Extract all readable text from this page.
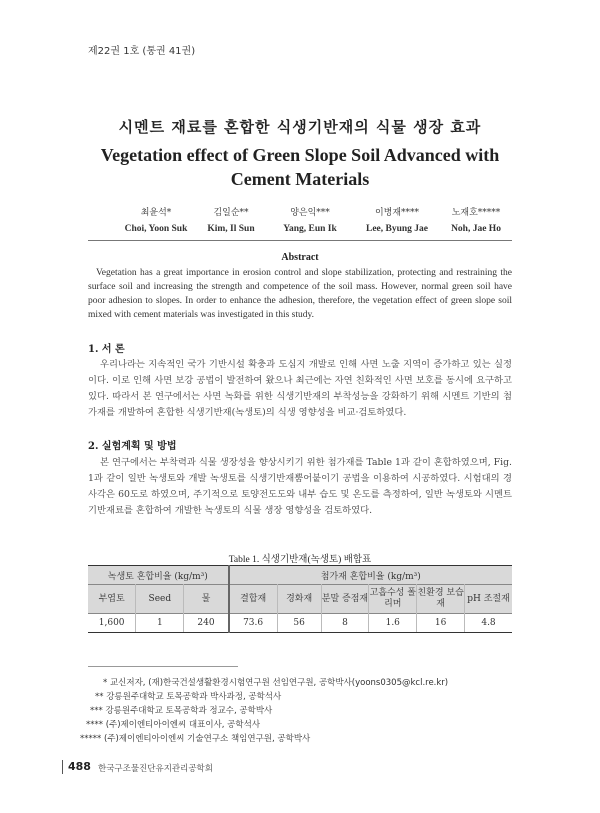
제22권 1호 (통권 41권)
시멘트 재료를 혼합한 식생기반재의 식물 생장 효과
Vegetation effect of Green Slope Soil Advanced with Cement Materials
최윤석*
Choi, Yoon Suk
김일순**
Kim, Il Sun
양은익***
Yang, Eun Ik
이병재****
Lee, Byung Jae
노재호*****
Noh, Jae Ho
Abstract
Vegetation has a great importance in erosion control and slope stabilization, protecting and restraining the surface soil and increasing the strength and competence of the soil mass. However, normal green soil have poor adhesion to slopes. In order to enhance the adhesion, therefore, the vegetation effect of green slope soil mixed with cement materials was investigated in this study.
1. 서 론
우리나라는 지속적인 국가 기반시설 확충과 도심지 개발로 인해 사면 노출 지역이 증가하고 있는 실정이다. 이로 인해 사면 보강 공법이 발전하여 왔으나 최근에는 자연 친화적인 사면 보호를 동시에 요구하고 있다. 따라서 본 연구에서는 사면 녹화를 위한 식생기반재의 부착성능을 강화하기 위해 시멘트 기반의 첨가재를 개발하여 혼합한 식생기반재(녹생토)의 식생 영향성을 비교·검토하였다.
2. 실험계획 및 방법
본 연구에서는 부착력과 식물 생장성을 향상시키기 위한 첨가재를 Table 1과 같이 혼합하였으며, Fig. 1과 같이 일반 녹생토와 개발 녹생토를 식생기반재뿜어붙이기 공법을 이용하여 시공하였다. 시험대의 경사각은 60도로 하였으며, 주기적으로 토양전도도와 내부 습도 및 온도를 측정하여, 일반 녹생토와 시멘트 기반재료를 혼합하여 개발한 녹생토의 식물 생장 영향성을 검토하였다.
Table 1. 식생기반재(녹생토) 배합표
녹생토 혼합비율 (kg/m³)			첨가재 혼합비율 (kg/m³)					
부엽토	Seed	물	결합재	경화재	분말 증점재	고흡수성 폴리머	친환경 보습재	pH 조절재
1,600	1	240	73.6	56	8	1.6	16	4.8
* 교신저자, (재)한국건설생활환경시험연구원 선임연구원, 공학박사(yoons0305@kcl.re.kr)
** 강릉원주대학교 토목공학과 박사과정, 공학석사
*** 강릉원주대학교 토목공학과 정교수, 공학박사
**** (주)제이엔티아이엔씨 대표이사, 공학석사
***** (주)제이엔티아이엔씨 기술연구소 책임연구원, 공학박사
488 한국구조물진단유지관리공학회
